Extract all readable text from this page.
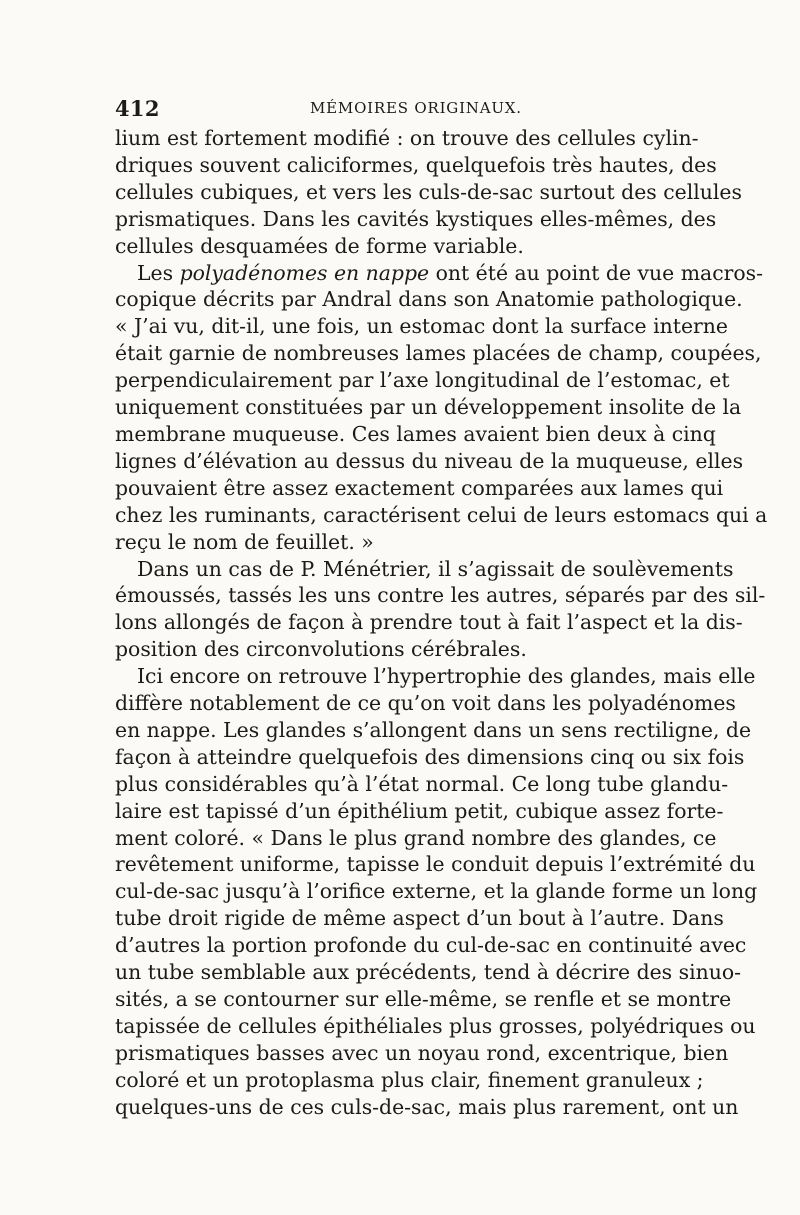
412	MÉMOIRES ORIGINAUX.
lium est fortement modifié : on trouve des cellules cylin-
driques souvent caliciformes, quelquefois très hautes, des
cellules cubiques, et vers les culs-de-sac surtout des cellules
prismatiques. Dans les cavités kystiques elles-mêmes, des
cellules desquamées de forme variable.
Les polyadénomes en nappe ont été au point de vue macros-
copique décrits par Andral dans son Anatomie pathologique.
« J’ai vu, dit-il, une fois, un estomac dont la surface interne
était garnie de nombreuses lames placées de champ, coupées,
perpendiculairement par l’axe longitudinal de l’estomac, et
uniquement constituées par un développement insolite de la
membrane muqueuse. Ces lames avaient bien deux à cinq
lignes d’élévation au dessus du niveau de la muqueuse, elles
pouvaient être assez exactement comparées aux lames qui
chez les ruminants, caractérisent celui de leurs estomacs qui a
reçu le nom de feuillet. »
Dans un cas de P. Ménétrier, il s’agissait de soulèvements
émoussés, tassés les uns contre les autres, séparés par des sil-
lons allongés de façon à prendre tout à fait l’aspect et la dis-
position des circonvolutions cérébrales.
Ici encore on retrouve l’hypertrophie des glandes, mais elle
diffère notablement de ce qu’on voit dans les polyadénomes
en nappe. Les glandes s’allongent dans un sens rectiligne, de
façon à atteindre quelquefois des dimensions cinq ou six fois
plus considérables qu’à l’état normal. Ce long tube glandu-
laire est tapissé d’un épithélium petit, cubique assez forte-
ment coloré. « Dans le plus grand nombre des glandes, ce
revêtement uniforme, tapisse le conduit depuis l’extrémité du
cul-de-sac jusqu’à l’orifice externe, et la glande forme un long
tube droit rigide de même aspect d’un bout à l’autre. Dans
d’autres la portion profonde du cul-de-sac en continuité avec
un tube semblable aux précédents, tend à décrire des sinuo-
sités, a se contourner sur elle-même, se renfle et se montre
tapissée de cellules épithéliales plus grosses, polyédriques ou
prismatiques basses avec un noyau rond, excentrique, bien
coloré et un protoplasma plus clair, finement granuleux ;
quelques-uns de ces culs-de-sac, mais plus rarement, ont un
